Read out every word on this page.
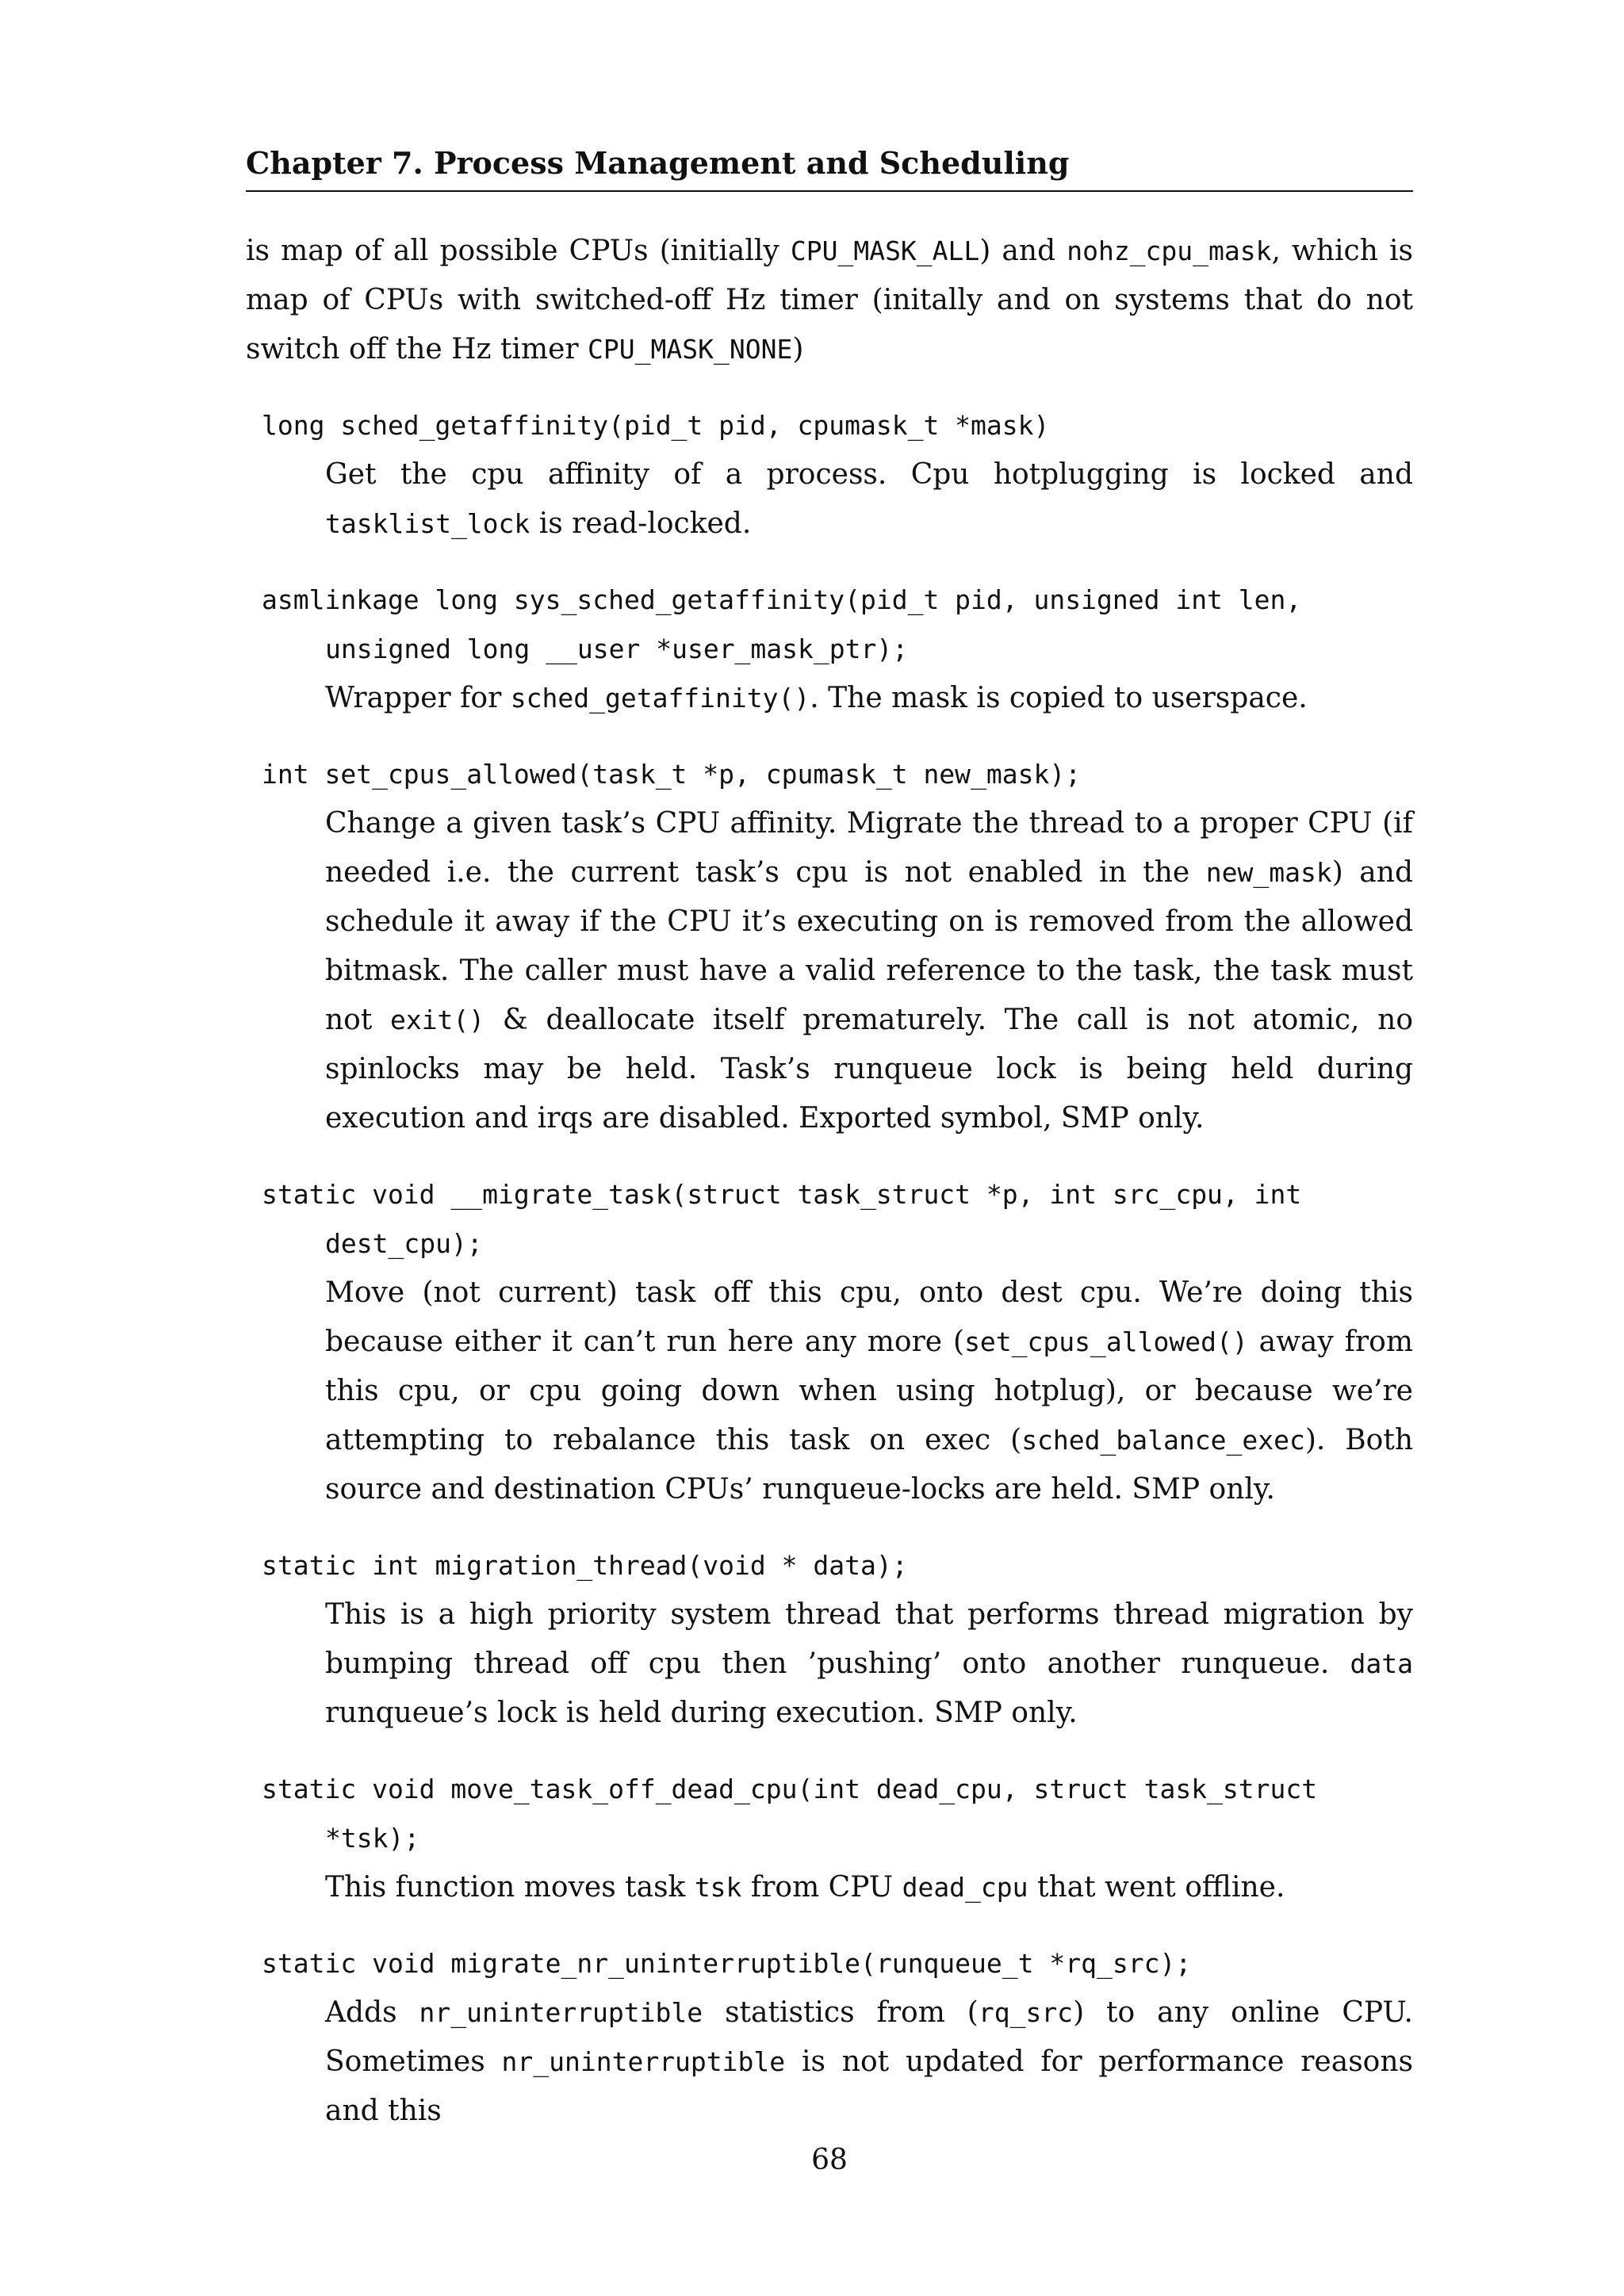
Chapter 7. Process Management and Scheduling

is map of all possible CPUs (initially CPU_MASK_ALL) and nohz_cpu_mask, which is map of CPUs with switched-off Hz timer (initally and on systems that do not switch off the Hz timer CPU_MASK_NONE)

long sched_getaffinity(pid_t pid, cpumask_t *mask)

Get the cpu affinity of a process. Cpu hotplugging is locked and tasklist_lock is read-locked.

asmlinkage long sys_sched_getaffinity(pid_t pid, unsigned int len, unsigned long __user *user_mask_ptr);

Wrapper for sched_getaffinity(). The mask is copied to userspace.

int set_cpus_allowed(task_t *p, cpumask_t new_mask);

Change a given task’s CPU affinity. Migrate the thread to a proper CPU (if needed i.e. the current task’s cpu is not enabled in the new_mask) and schedule it away if the CPU it’s executing on is removed from the allowed bitmask. The caller must have a valid reference to the task, the task must not exit() & deallocate itself prematurely. The call is not atomic, no spinlocks may be held. Task’s runqueue lock is being held during execution and irqs are disabled. Exported symbol, SMP only.

static void __migrate_task(struct task_struct *p, int src_cpu, int dest_cpu);

Move (not current) task off this cpu, onto dest cpu. We’re doing this because either it can’t run here any more (set_cpus_allowed() away from this cpu, or cpu going down when using hotplug), or because we’re attempting to rebalance this task on exec (sched_balance_exec). Both source and destination CPUs’ runqueue-locks are held. SMP only.

static int migration_thread(void * data);

This is a high priority system thread that performs thread migration by bumping thread off cpu then ’pushing’ onto another runqueue. data runqueue’s lock is held during execution. SMP only.

static void move_task_off_dead_cpu(int dead_cpu, struct task_struct *tsk);

This function moves task tsk from CPU dead_cpu that went offline.

static void migrate_nr_uninterruptible(runqueue_t *rq_src);

Adds nr_uninterruptible statistics from (rq_src) to any online CPU. Sometimes nr_uninterruptible is not updated for performance reasons and this

68
